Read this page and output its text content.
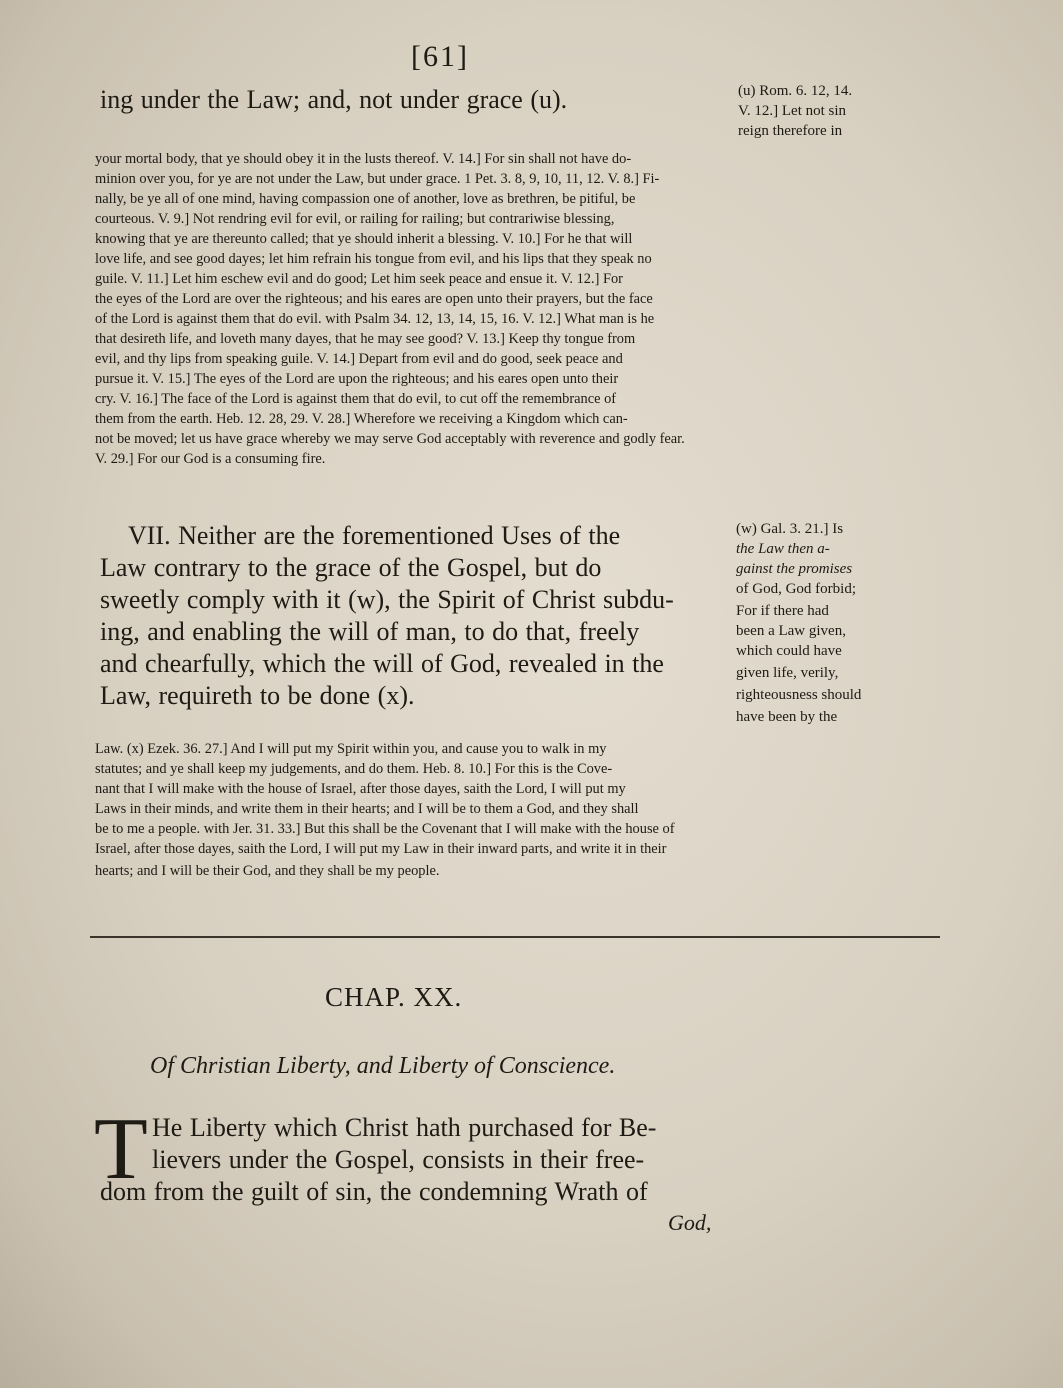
[61]
ing under the Law; and, not under grace (u).	(u) Rom. 6. 12, 14.
V. 12.] Let not sin
reign therefore in
your mortal body, that ye should obey it in the lusts thereof. V. 14.] For sin shall not have do-
minion over you, for ye are not under the Law, but under grace. 1 Pet. 3. 8, 9, 10, 11, 12. V. 8.] Fi-
nally, be ye all of one mind, having compassion one of another, love as brethren, be pitiful, be
courteous. V. 9.] Not rendring evil for evil, or railing for railing; but contrariwise blessing,
knowing that ye are thereunto called; that ye should inherit a blessing. V. 10.] For he that will
love life, and see good dayes; let him refrain his tongue from evil, and his lips that they speak no
guile. V. 11.] Let him eschew evil and do good; Let him seek peace and ensue it. V. 12.] For
the eyes of the Lord are over the righteous; and his eares are open unto their prayers, but the face
of the Lord is against them that do evil. with Psalm 34. 12, 13, 14, 15, 16. V. 12.] What man is he
that desireth life, and loveth many dayes, that he may see good? V. 13.] Keep thy tongue from
evil, and thy lips from speaking guile. V. 14.] Depart from evil and do good, seek peace and
pursue it. V. 15.] The eyes of the Lord are upon the righteous; and his eares open unto their
cry. V. 16.] The face of the Lord is against them that do evil, to cut off the remembrance of
them from the earth. Heb. 12. 28, 29. V. 28.] Wherefore we receiving a Kingdom which can-
not be moved; let us have grace whereby we may serve God acceptably with reverence and godly fear.
V. 29.] For our God is a consuming fire.
VII. Neither are the forementioned Uses of the
Law contrary to the grace of the Gospel, but do
sweetly comply with it (w), the Spirit of Christ subdu-
ing, and enabling the will of man, to do that, freely
and chearfully, which the will of God, revealed in the
Law, requireth to be done (x).
(w) Gal. 3. 21.] Is
the Law then a-
gainst the promises
of God, God forbid;
For if there had
been a Law given,
which could have
given life, verily,
righteousness should
have been by the
Law. (x) Ezek. 36. 27.] And I will put my Spirit within you, and cause you to walk in my
statutes; and ye shall keep my judgements, and do them. Heb. 8. 10.] For this is the Cove-
nant that I will make with the house of Israel, after those dayes, saith the Lord, I will put my
Laws in their minds, and write them in their hearts; and I will be to them a God, and they shall
be to me a people. with Jer. 31. 33.] But this shall be the Covenant that I will make with the house of
Israel, after those dayes, saith the Lord, I will put my Law in their inward parts, and write it in their
hearts; and I will be their God, and they shall be my people.
CHAP. XX.
Of Christian Liberty, and Liberty of Conscience.
T He Liberty which Christ hath purchased for Be-
lievers under the Gospel, consists in their free-
dom from the guilt of sin, the condemning Wrath of
God,
